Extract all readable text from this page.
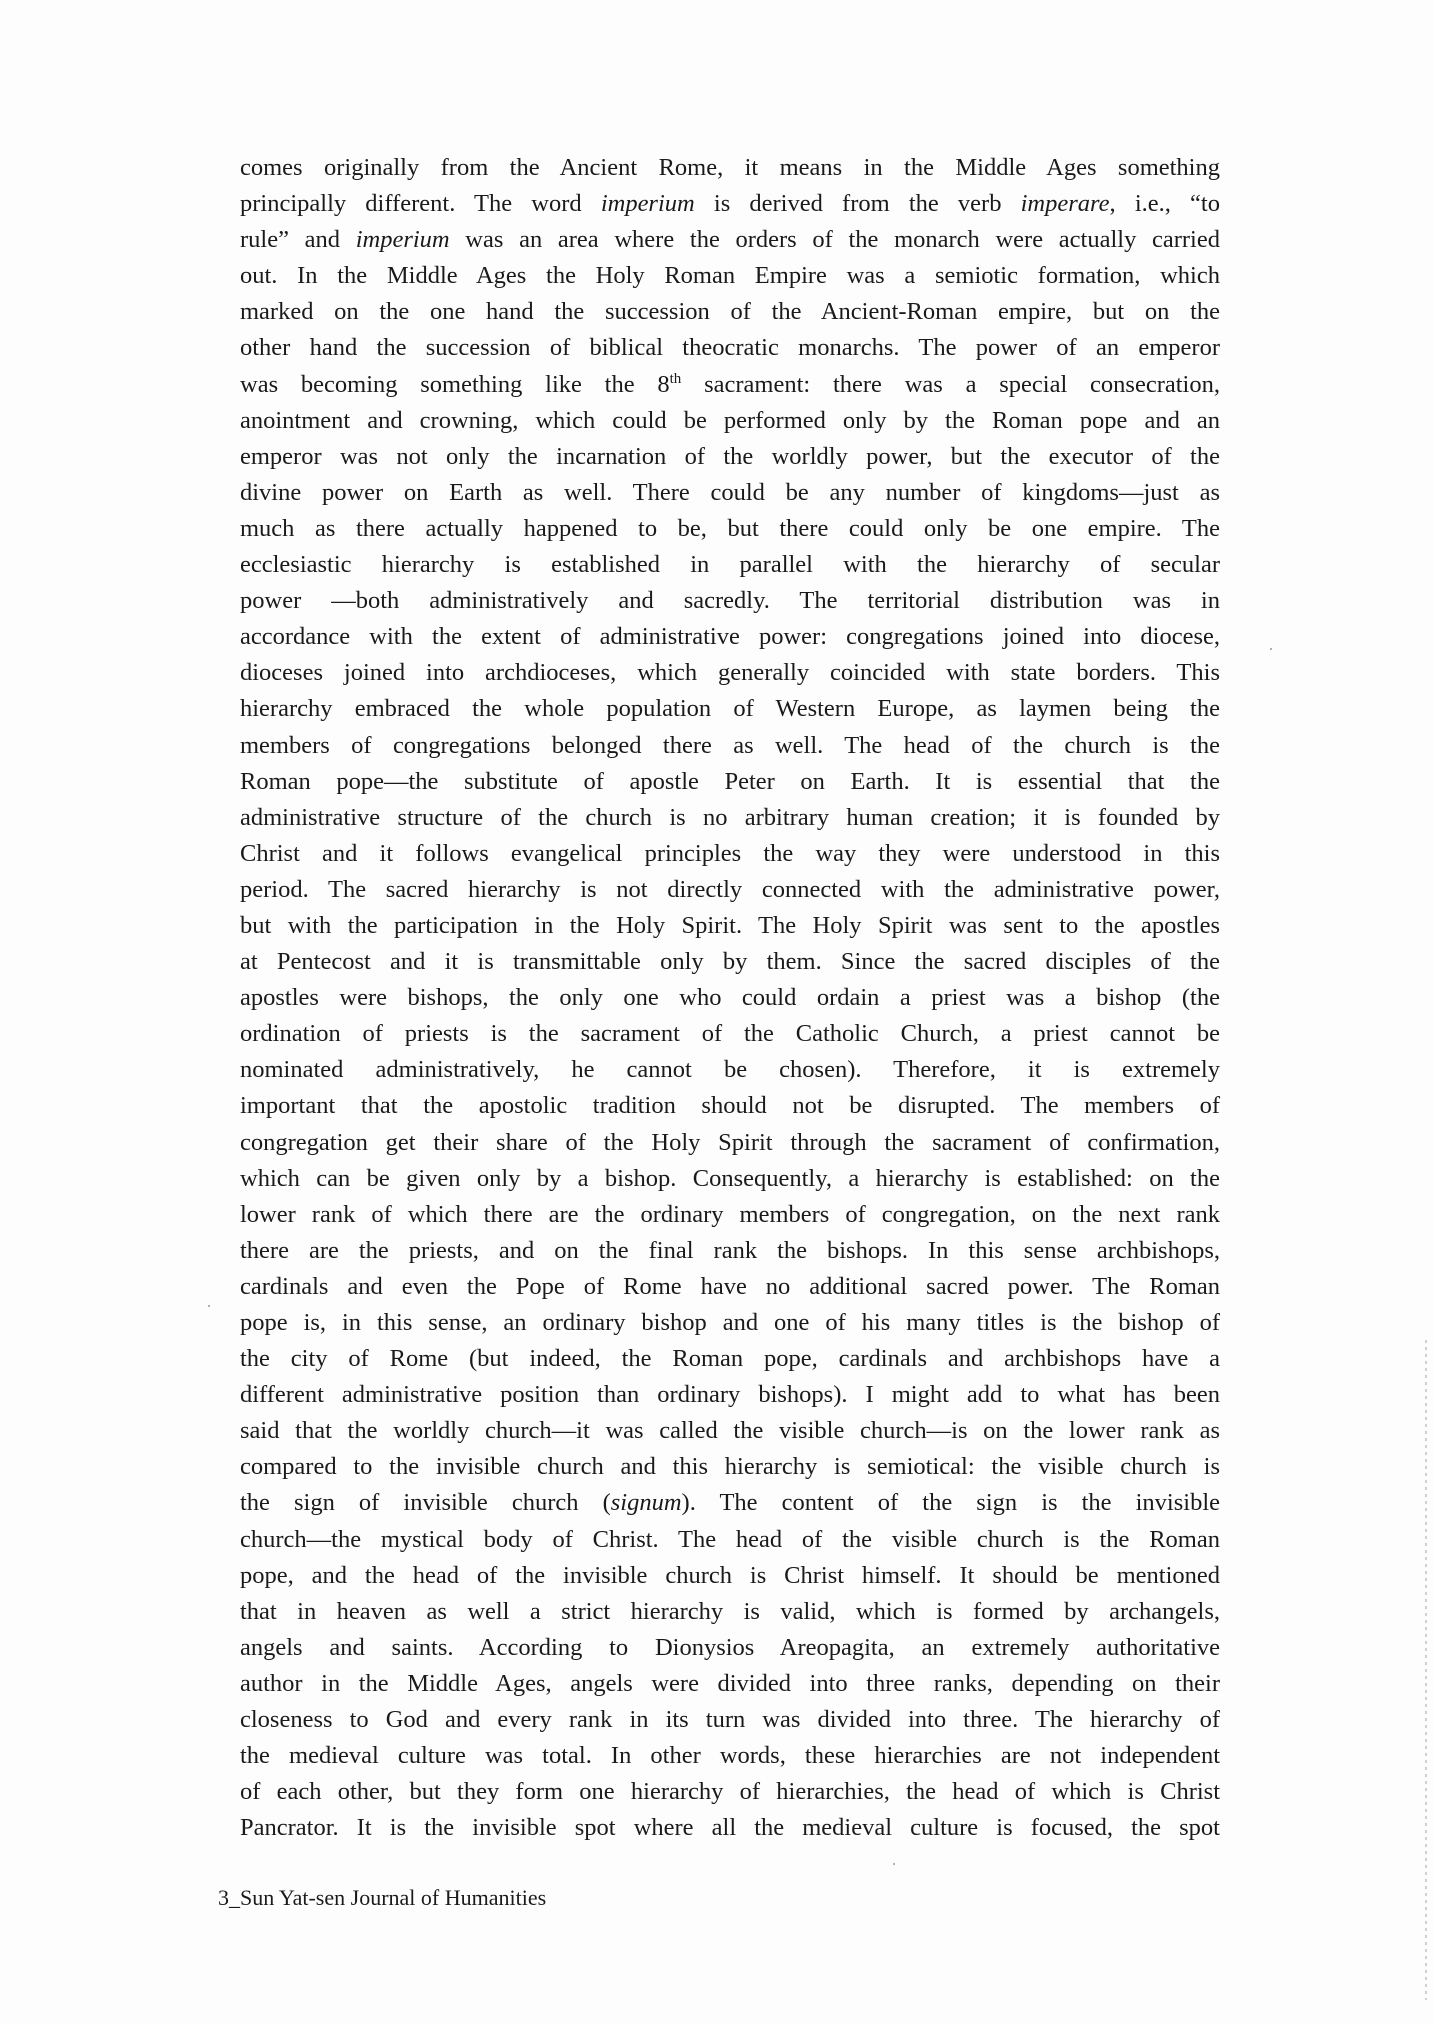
comes originally from the Ancient Rome, it means in the Middle Ages something
principally different. The word imperium is derived from the verb imperare, i.e., “to
rule” and imperium was an area where the orders of the monarch were actually carried
out. In the Middle Ages the Holy Roman Empire was a semiotic formation, which
marked on the one hand the succession of the Ancient-Roman empire, but on the
other hand the succession of biblical theocratic monarchs. The power of an emperor
was becoming something like the 8th sacrament: there was a special consecration,
anointment and crowning, which could be performed only by the Roman pope and an
emperor was not only the incarnation of the worldly power, but the executor of the
divine power on Earth as well. There could be any number of kingdoms—just as
much as there actually happened to be, but there could only be one empire. The
ecclesiastic hierarchy is established in parallel with the hierarchy of secular
power —both administratively and sacredly. The territorial distribution was in
accordance with the extent of administrative power: congregations joined into diocese,
dioceses joined into archdioceses, which generally coincided with state borders. This
hierarchy embraced the whole population of Western Europe, as laymen being the
members of congregations belonged there as well. The head of the church is the
Roman pope—the substitute of apostle Peter on Earth. It is essential that the
administrative structure of the church is no arbitrary human creation; it is founded by
Christ and it follows evangelical principles the way they were understood in this
period. The sacred hierarchy is not directly connected with the administrative power,
but with the participation in the Holy Spirit. The Holy Spirit was sent to the apostles
at Pentecost and it is transmittable only by them. Since the sacred disciples of the
apostles were bishops, the only one who could ordain a priest was a bishop (the
ordination of priests is the sacrament of the Catholic Church, a priest cannot be
nominated administratively, he cannot be chosen). Therefore, it is extremely
important that the apostolic tradition should not be disrupted. The members of
congregation get their share of the Holy Spirit through the sacrament of confirmation,
which can be given only by a bishop. Consequently, a hierarchy is established: on the
lower rank of which there are the ordinary members of congregation, on the next rank
there are the priests, and on the final rank the bishops. In this sense archbishops,
cardinals and even the Pope of Rome have no additional sacred power. The Roman
pope is, in this sense, an ordinary bishop and one of his many titles is the bishop of
the city of Rome (but indeed, the Roman pope, cardinals and archbishops have a
different administrative position than ordinary bishops). I might add to what has been
said that the worldly church—it was called the visible church—is on the lower rank as
compared to the invisible church and this hierarchy is semiotical: the visible church is
the sign of invisible church (signum). The content of the sign is the invisible
church—the mystical body of Christ. The head of the visible church is the Roman
pope, and the head of the invisible church is Christ himself. It should be mentioned
that in heaven as well a strict hierarchy is valid, which is formed by archangels,
angels and saints. According to Dionysios Areopagita, an extremely authoritative
author in the Middle Ages, angels were divided into three ranks, depending on their
closeness to God and every rank in its turn was divided into three. The hierarchy of
the medieval culture was total. In other words, these hierarchies are not independent
of each other, but they form one hierarchy of hierarchies, the head of which is Christ
Pancrator. It is the invisible spot where all the medieval culture is focused, the spot
3_Sun Yat-sen Journal of Humanities
